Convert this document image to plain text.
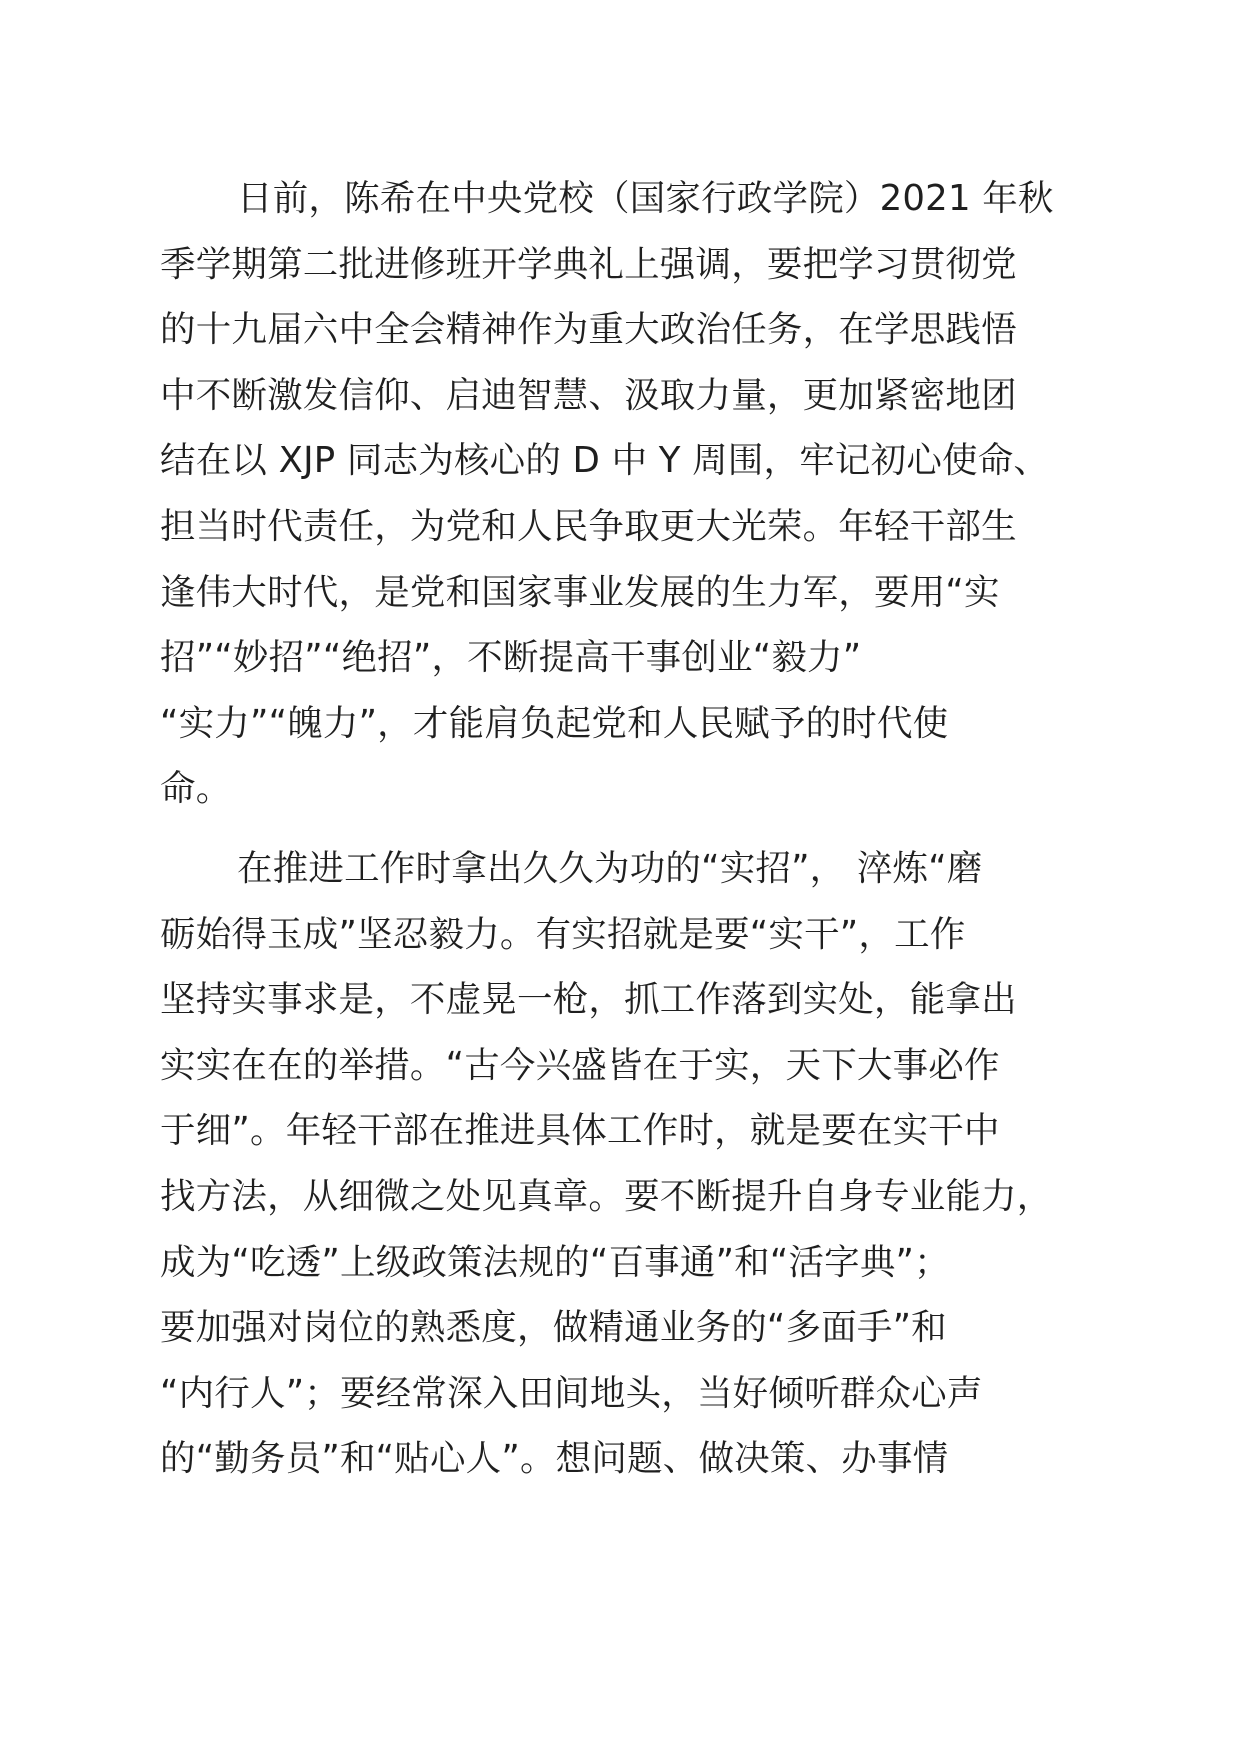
日前，陈希在中央党校（国家行政学院）2021 年秋
季学期第二批进修班开学典礼上强调，要把学习贯彻党
的十九届六中全会精神作为重大政治任务，在学思践悟
中不断激发信仰、启迪智慧、汲取力量，更加紧密地团
结在以 XJP 同志为核心的 D 中 Y 周围，牢记初心使命、
担当时代责任，为党和人民争取更大光荣。年轻干部生
逢伟大时代，是党和国家事业发展的生力军，要用“实
招”“妙招”“绝招”，不断提高干事创业“毅力”
“实力”“魄力”，才能肩负起党和人民赋予的时代使
命。
在推进工作时拿出久久为功的“实招”， 淬炼“磨
砺始得玉成”坚忍毅力。有实招就是要“实干”，工作
坚持实事求是，不虚晃一枪，抓工作落到实处，能拿出
实实在在的举措。“古今兴盛皆在于实，天下大事必作
于细”。年轻干部在推进具体工作时，就是要在实干中
找方法，从细微之处见真章。要不断提升自身专业能力，
成为“吃透”上级政策法规的“百事通”和“活字典”；
要加强对岗位的熟悉度，做精通业务的“多面手”和
“内行人”；要经常深入田间地头，当好倾听群众心声
的“勤务员”和“贴心人”。想问题、做决策、办事情
